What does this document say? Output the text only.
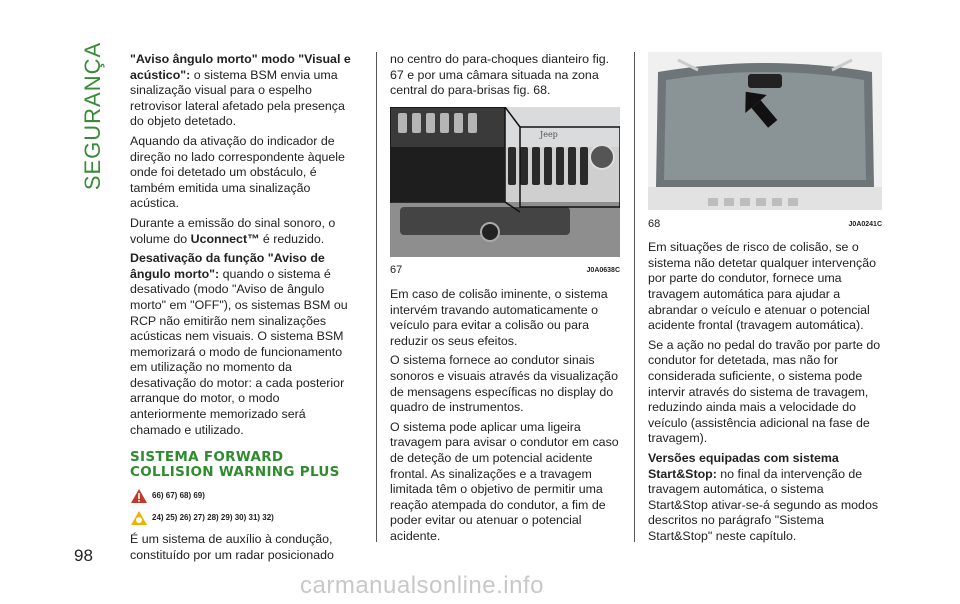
SEGURANÇA
98

"Aviso ângulo morto" modo "Visual e acústico": o sistema BSM envia uma sinalização visual para o espelho retrovisor lateral afetado pela presença do objeto detetado.

Aquando da ativação do indicador de direção no lado correspondente àquele onde foi detetado um obstáculo, é também emitida uma sinalização acústica.

Durante a emissão do sinal sonoro, o volume do Uconnect™ é reduzido.

Desativação da função "Aviso de ângulo morto": quando o sistema é desativado (modo "Aviso de ângulo morto" em "OFF"), os sistemas BSM ou RCP não emitirão nem sinalizações acústicas nem visuais. O sistema BSM memorizará o modo de funcionamento em utilização no momento da desativação do motor: a cada posterior arranque do motor, o modo anteriormente memorizado será chamado e utilizado.

SISTEMA FORWARD COLLISION WARNING PLUS
66) 67) 68) 69)
24) 25) 26) 27) 28) 29) 30) 31) 32)

É um sistema de auxílio à condução, constituído por um radar posicionado

no centro do para-choques dianteiro fig. 67 e por uma câmara situada na zona central do para-brisas fig. 68.

Jeep
67	J0A0638C

Em caso de colisão iminente, o sistema intervém travando automaticamente o veículo para evitar a colisão ou para reduzir os seus efeitos.

O sistema fornece ao condutor sinais sonoros e visuais através da visualização de mensagens específicas no display do quadro de instrumentos.

O sistema pode aplicar uma ligeira travagem para avisar o condutor em caso de deteção de um potencial acidente frontal. As sinalizações e a travagem limitada têm o objetivo de permitir uma reação atempada do condutor, a fim de poder evitar ou atenuar o potencial acidente.

68	J0A0241C

Em situações de risco de colisão, se o sistema não detetar qualquer intervenção por parte do condutor, fornece uma travagem automática para ajudar a abrandar o veículo e atenuar o potencial acidente frontal (travagem automática).

Se a ação no pedal do travão por parte do condutor for detetada, mas não for considerada suficiente, o sistema pode intervir através do sistema de travagem, reduzindo ainda mais a velocidade do veículo (assistência adicional na fase de travagem).

Versões equipadas com sistema Start&Stop: no final da intervenção de travagem automática, o sistema Start&Stop ativar-se-á segundo as modos descritos no parágrafo "Sistema Start&Stop" neste capítulo.

carmanualsonline.info
